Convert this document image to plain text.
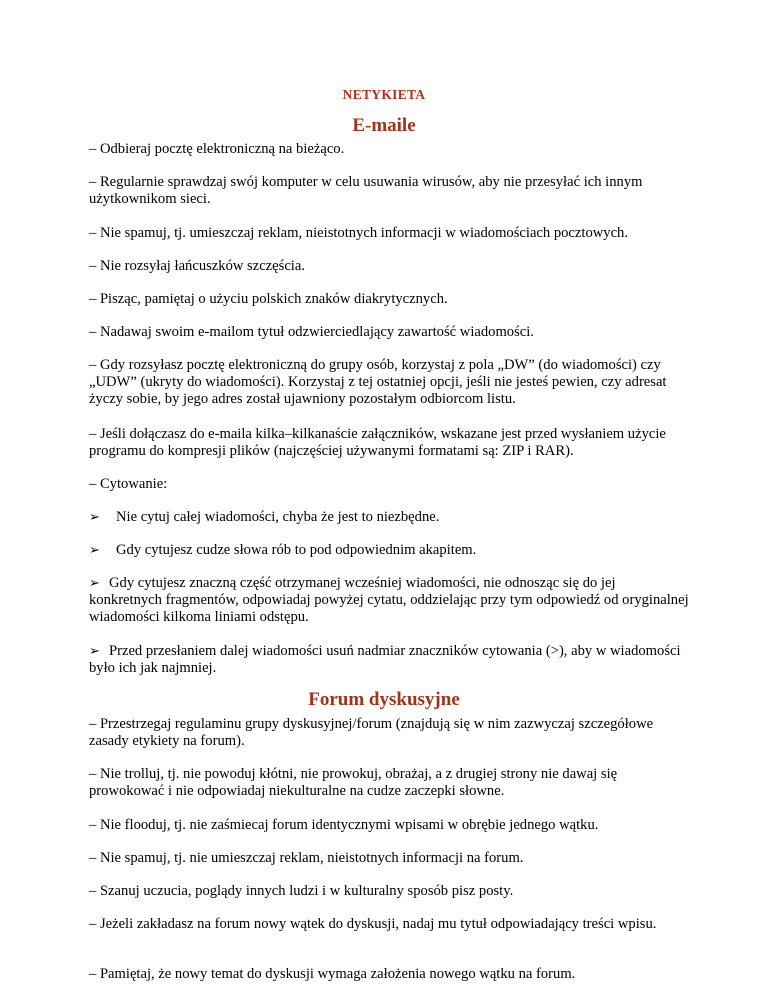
NETYKIETA
E-maile

– Odbieraj pocztę elektroniczną na bieżąco.

– Regularnie sprawdzaj swój komputer w celu usuwania wirusów, aby nie przesyłać ich innym użytkownikom sieci.

– Nie spamuj, tj. umieszczaj reklam, nieistotnych informacji w wiadomościach pocztowych.

– Nie rozsyłaj łańcuszków szczęścia.

– Pisząc, pamiętaj o użyciu polskich znaków diakrytycznych.

– Nadawaj swoim e-mailom tytuł odzwierciedlający zawartość wiadomości.

– Gdy rozsyłasz pocztę elektroniczną do grupy osób, korzystaj z pola „DW” (do wiadomości) czy „UDW” (ukryty do wiadomości). Korzystaj z tej ostatniej opcji, jeśli nie jesteś pewien, czy adresat życzy sobie, by jego adres został ujawniony pozostałym odbiorcom listu.

– Jeśli dołączasz do e-maila kilka–kilkanaście załączników, wskazane jest przed wysłaniem użycie programu do kompresji plików (najczęściej używanymi formatami są: ZIP i RAR).

– Cytowanie:

➢ Nie cytuj całej wiadomości, chyba że jest to niezbędne.

➢ Gdy cytujesz cudze słowa rób to pod odpowiednim akapitem.

➢ Gdy cytujesz znaczną część otrzymanej wcześniej wiadomości, nie odnosząc się do jej konkretnych fragmentów, odpowiadaj powyżej cytatu, oddzielając przy tym odpowiedź od oryginalnej wiadomości kilkoma liniami odstępu.

➢ Przed przesłaniem dalej wiadomości usuń nadmiar znaczników cytowania (>), aby w wiadomości było ich jak najmniej.

Forum dyskusyjne

– Przestrzegaj regulaminu grupy dyskusyjnej/forum (znajdują się w nim zazwyczaj szczegółowe zasady etykiety na forum).

– Nie trolluj, tj. nie powoduj kłótni, nie prowokuj, obrażaj, a z drugiej strony nie dawaj się prowokować i nie odpowiadaj niekulturalne na cudze zaczepki słowne.

– Nie flooduj, tj. nie zaśmiecaj forum identycznymi wpisami w obrębie jednego wątku.

– Nie spamuj, tj. nie umieszczaj reklam, nieistotnych informacji na forum.

– Szanuj uczucia, poglądy innych ludzi i w kulturalny sposób pisz posty.

– Jeżeli zakładasz na forum nowy wątek do dyskusji, nadaj mu tytuł odpowiadający treści wpisu.

– Pamiętaj, że nowy temat do dyskusji wymaga założenia nowego wątku na forum.
